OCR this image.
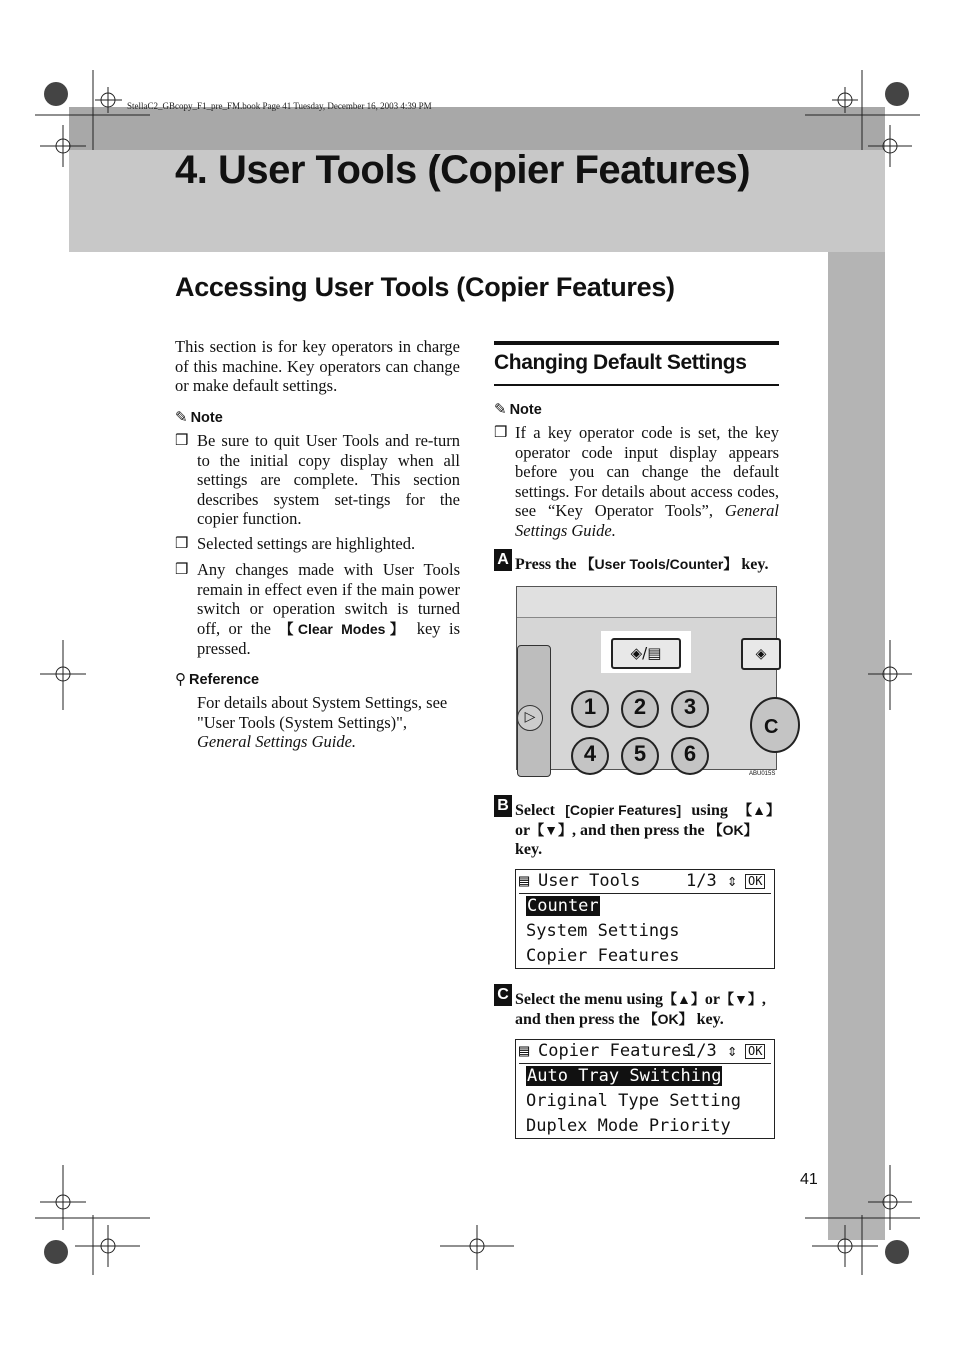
StellaC2_GBcopy_F1_pre_FM.book Page 41 Tuesday, December 16, 2003 4:39 PM
4. User Tools (Copier Features)
Accessing User Tools (Copier Features)
This section is for key operators in charge of this machine. Key operators can change or make default settings.
✎ Note
❒ Be sure to quit User Tools and re-turn to the initial copy display when all settings are complete. This section describes system set-tings for the copier function.
❒ Selected settings are highlighted.
❒ Any changes made with User Tools remain in effect even if the main power switch or operation switch is turned off, or the 【Clear Modes】 key is pressed.
⚲ Reference
For details about System Settings, see "User Tools (System Settings)", General Settings Guide.
Changing Default Settings
✎ Note
❒ If a key operator code is set, the key operator code input display appears before you can change the default settings. For details about access codes, see “Key Operator Tools”, General Settings Guide.
A Press the 【User Tools/Counter】 key.
▷
◈/▤	◈
1	2	3
4	5	6
C
ABU015S
B Select [Copier Features] using 【▲】
or【▼】, and then press the 【OK】
key.
▤ User Tools	1/3 ⇕ OK
Counter
System Settings
Copier Features
C Select the menu using【▲】or【▼】,
and then press the 【OK】 key.
▤ Copier Features
1/3 ⇕ OK
Auto Tray Switching
Original Type Setting
Duplex Mode Priority
41
